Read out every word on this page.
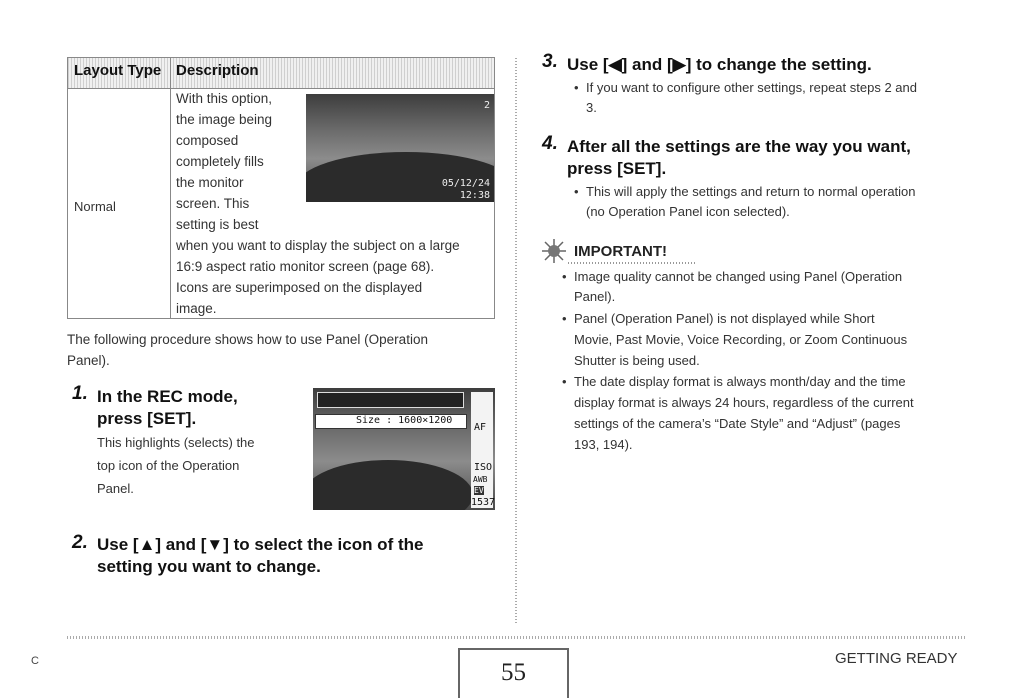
Layout Type Description
Normal
With this option,
the image being
composed
completely fills
the monitor
screen. This
setting is best
when you want to display the subject on a large
16:9 aspect ratio monitor screen (page 68).
Icons are superimposed on the displayed
image.
2
05/12/24
12:38
The following procedure shows how to use Panel (Operation
Panel).
1. In the REC mode,
press [SET].
This highlights (selects) the
top icon of the Operation
Panel.
Size : 1600×1200
AF
ISO
AWB
EV
1537
2. Use [▲] and [▼] to select the icon of the
setting you want to change.
3. Use [◀] and [▶] to change the setting.
• If you want to configure other settings, repeat steps 2 and
3.
4. After all the settings are the way you want,
press [SET].
• This will apply the settings and return to normal operation
(no Operation Panel icon selected).
IMPORTANT!
• Image quality cannot be changed using Panel (Operation
Panel).
• Panel (Operation Panel) is not displayed while Short
Movie, Past Movie, Voice Recording, or Zoom Continuous
Shutter is being used.
• The date display format is always month/day and the time
display format is always 24 hours, regardless of the current
settings of the camera’s “Date Style” and “Adjust” (pages
193, 194).
C	55
GETTING READY
